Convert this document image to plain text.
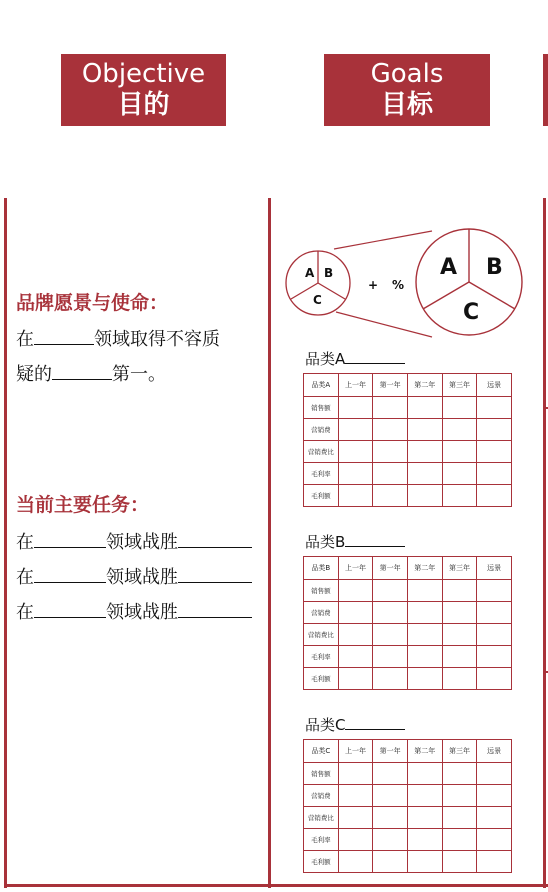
Objective
目的
Goals
目标
品牌愿景与使命：
在	领域取得不容质
疑的	第一。
当前主要任务：
在	领域战胜
在	领域战胜
在	领域战胜
A B
C
+ %
A B
C
品类A
品类A	上一年	第一年	第二年	第三年	远景
销售额					
营销费					
营销费比					
毛利率					
毛利额					
品类B
品类B	上一年	第一年	第二年	第三年	远景
销售额					
营销费					
营销费比					
毛利率					
毛利额					
品类C
品类C	上一年	第一年	第二年	第三年	远景
销售额					
营销费					
营销费比					
毛利率					
毛利额					
